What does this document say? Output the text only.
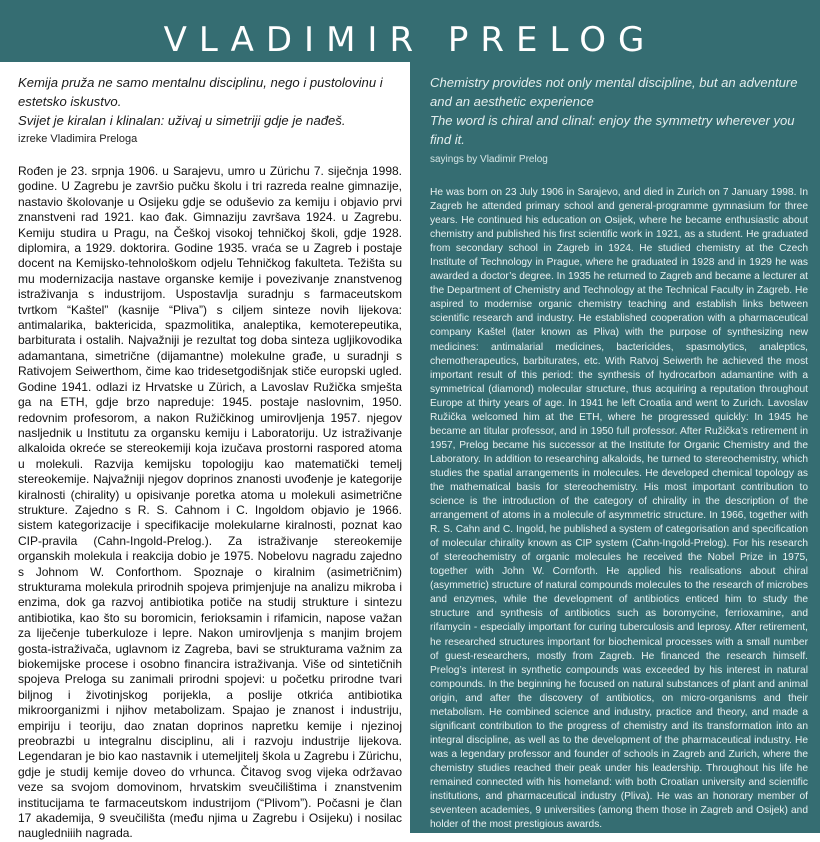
VLADIMIR PRELOG

Kemija pruža ne samo mentalnu disciplinu, nego i pustolovinu i estetsko iskustvo.

Svijet je kiralan i klinalan: uživaj u simetriji gdje je nađeš.

izreke Vladimira Preloga

Rođen je 23. srpnja 1906. u Sarajevu, umro u Zürichu 7. siječnja 1998. godine. U Zagrebu je završio pučku školu i tri razreda realne gimnazije, nastavio školovanje u Osijeku gdje se oduševio za kemiju i objavio prvi znanstveni rad 1921. kao đak. Gimnaziju završava 1924. u Zagrebu. Kemiju studira u Pragu, na Češkoj visokoj tehničkoj školi, gdje 1928. diplomira, a 1929. doktorira. Godine 1935. vraća se u Zagreb i postaje docent na Kemijsko-tehnološkom odjelu Tehničkog fakulteta. Težišta su mu modernizacija nastave organske kemije i povezivanje znanstvenog istraživanja s industrijom. Uspostavlja suradnju s farmaceutskom tvrtkom “Kaštel” (kasnije “Pliva”) s ciljem sinteze novih lijekova: antimalarika, baktericida, spazmolitika, analeptika, kemoterepeutika, barbiturata i ostalih. Najvažniji je rezultat tog doba sinteza ugljikovodika adamantana, simetrične (dijamantne) molekulne građe, u suradnji s Rativojem Seiwerthom, čime kao tridesetgodišnjak stiče europski ugled. Godine 1941. odlazi iz Hrvatske u Zürich, a Lavoslav Ružička smješta ga na ETH, gdje brzo napreduje: 1945. postaje naslovnim, 1950. redovnim profesorom, a nakon Ružičkinog umirovljenja 1957. njegov nasljednik u Institutu za organsku kemiju i Laboratoriju. Uz istraživanje alkaloida okreće se stereokemiji koja izučava prostorni raspored atoma u molekuli. Razvija kemijsku topologiju kao matematički temelj stereokemije. Najvažniji njegov doprinos znanosti uvođenje je kategorije kiralnosti (chirality) u opisivanje poretka atoma u molekuli asimetrične strukture. Zajedno s R. S. Cahnom i C. Ingoldom objavio je 1966. sistem kategorizacije i specifikacije molekularne kiralnosti, poznat kao CIP-pravila (Cahn-Ingold-Prelog.). Za istraživanje stereokemije organskih molekula i reakcija dobio je 1975. Nobelovu nagradu zajedno s Johnom W. Conforthom. Spoznaje o kiralnim (asimetričnim) strukturama molekula prirodnih spojeva primjenjuje na analizu mikroba i enzima, dok ga razvoj antibiotika potiče na studij strukture i sintezu antibiotika, kao što su boromicin, ferioksamin i rifamicin, napose važan za liječenje tuberkuloze i lepre. Nakon umirovljenja s manjim brojem gosta-istraživača, uglavnom iz Zagreba, bavi se strukturama važnim za biokemijske procese i osobno financira istraživanja. Više od sintetičnih spojeva Preloga su zanimali prirodni spojevi: u početku prirodne tvari biljnog i životinjskog porijekla, a poslije otkrića antibiotika mikroorganizmi i njihov metabolizam. Spajao je znanost i industriju, empiriju i teoriju, dao znatan doprinos napretku kemije i njezinoj preobrazbi u integralnu disciplinu, ali i razvoju industrije lijekova. Legendaran je bio kao nastavnik i utemeljitelj škola u Zagrebu i Zürichu, gdje je studij kemije doveo do vrhunca. Čitavog svog vijeka održavao veze sa svojom domovinom, hrvatskim sveučilištima i znanstvenim institucijama te farmaceutskom industrijom (“Plivom”). Počasni je član 17 akademija, 9 sveučilišta (među njima u Zagrebu i Osijeku) i nosilac naugledniiih nagrada.

Chemistry provides not only mental discipline, but an adventure and an aesthetic experience

The word is chiral and clinal: enjoy the symmetry wherever you find it.

sayings by Vladimir Prelog

He was born on 23 July 1906 in Sarajevo, and died in Zurich on 7 January 1998. In Zagreb he attended primary school and general-programme gymnasium for three years. He continued his education on Osijek, where he became enthusiastic about chemistry and published his first scientific work in 1921, as a student. He graduated from secondary school in Zagreb in 1924. He studied chemistry at the Czech Institute of Technology in Prague, where he graduated in 1928 and in 1929 he was awarded a doctor’s degree. In 1935 he returned to Zagreb and became a lecturer at the Department of Chemistry and Technology at the Technical Faculty in Zagreb. He aspired to modernise organic chemistry teaching and establish links between scientific research and industry. He established cooperation with a pharmaceutical company Kaštel (later known as Pliva) with the purpose of synthesizing new medicines: antimalarial medicines, bactericides, spasmolytics, analeptics, chemotherapeutics, barbiturates, etc. With Ratvoj Seiwerth he achieved the most important result of this period: the synthesis of hydrocarbon adamantine with a symmetrical (diamond) molecular structure, thus acquiring a reputation throughout Europe at thirty years of age. In 1941 he left Croatia and went to Zurich. Lavoslav Ružička welcomed him at the ETH, where he progressed quickly: In 1945 he became an titular professor, and in 1950 full professor. After Ružička’s retirement in 1957, Prelog became his successor at the Institute for Organic Chemistry and the Laboratory. In addition to researching alkaloids, he turned to stereochemistry, which studies the spatial arrangements in molecules. He developed chemical topology as the mathematical basis for stereochemistry. His most important contribution to science is the introduction of the category of chirality in the description of the arrangement of atoms in a molecule of asymmetric structure. In 1966, together with R. S. Cahn and C. Ingold, he published a system of categorisation and specification of molecular chirality known as CIP system (Cahn-Ingold-Prelog). For his research of stereochemistry of organic molecules he received the Nobel Prize in 1975, together with John W. Cornforth. He applied his realisations about chiral (asymmetric) structure of natural compounds molecules to the research of microbes and enzymes, while the development of antibiotics enticed him to study the structure and synthesis of antibiotics such as boromycine, ferrioxamine, and rifamycin - especially important for curing tuberculosis and leprosy. After retirement, he researched structures important for biochemical processes with a small number of guest-researchers, mostly from Zagreb. He financed the research himself. Prelog’s interest in synthetic compounds was exceeded by his interest in natural compounds. In the beginning he focused on natural substances of plant and animal origin, and after the discovery of antibiotics, on micro-organisms and their metabolism. He combined science and industry, practice and theory, and made a significant contribution to the progress of chemistry and its transformation into an integral discipline, as well as to the development of the pharmaceutical industry. He was a legendary professor and founder of schools in Zagreb and Zurich, where the chemistry studies reached their peak under his leadership. Throughout his life he remained connected with his homeland: with both Croatian university and scientific institutions, and pharmaceutical industry (Pliva). He was an honorary member of seventeen academies, 9 universities (among them those in Zagreb and Osijek) and holder of the most prestigious awards.
